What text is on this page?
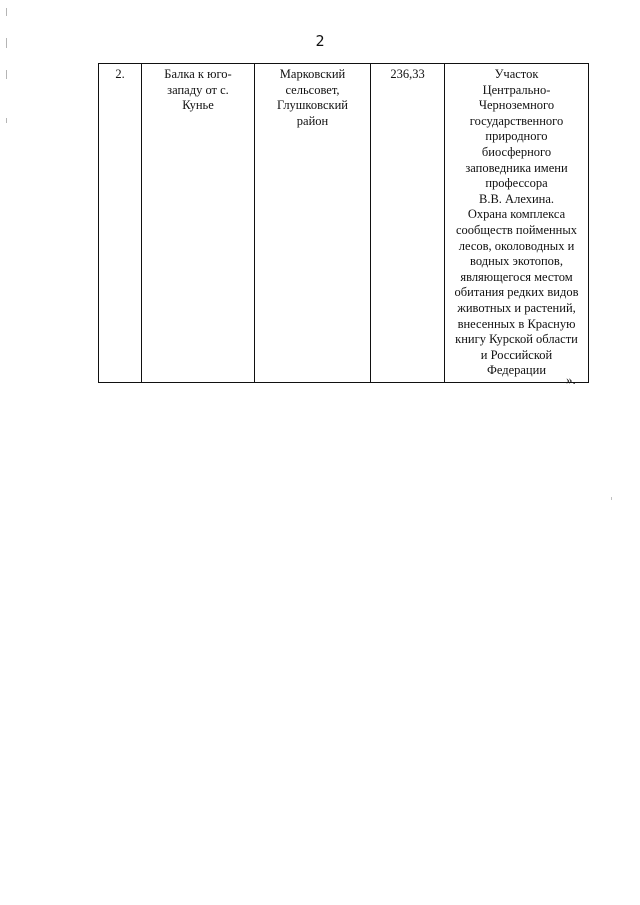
2
2.	Балка к юго-
западу от с.
Кунье	Марковский
сельсовет,
Глушковский
район	236,33	Участок
Центрально-
Черноземного
государственного
природного
биосферного
заповедника имени
профессора
В.В. Алехина.
Охрана комплекса
сообществ пойменных
лесов, околоводных и
водных экотопов,
являющегося местом
обитания редких видов
животных и растений,
внесенных в Красную
книгу Курской области
и Российской
Федерации
».
